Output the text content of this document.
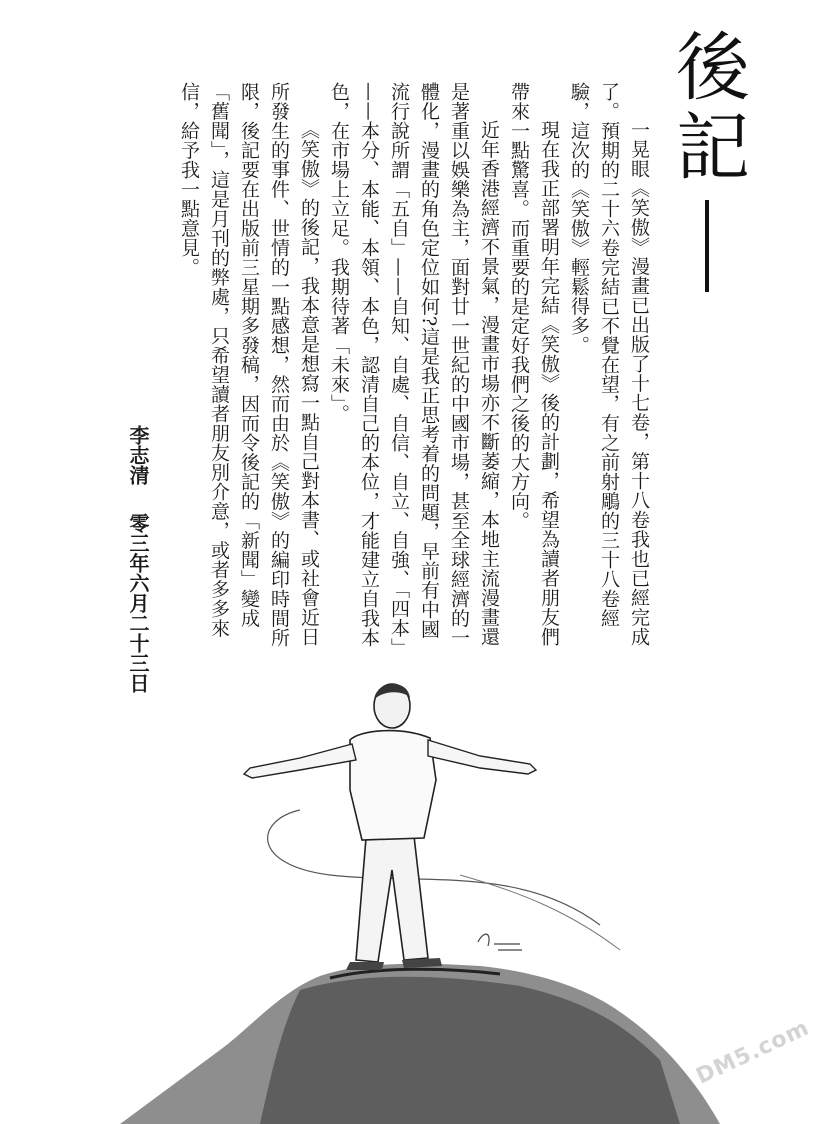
後記

一晃眼《笑傲》漫畫已出版了十七卷，第十八卷我也已經完成了。預期的二十六卷完結已不覺在望，有之前射鵰的三十八卷經驗，這次的《笑傲》輕鬆得多。

現在我正部署明年完結《笑傲》後的計劃，希望為讀者朋友們帶來一點驚喜。而重要的是定好我們之後的大方向。

近年香港經濟不景氣，漫畫市場亦不斷萎縮，本地主流漫畫還是著重以娛樂為主，面對廿一世紀的中國市場，甚至全球經濟的一體化，漫畫的角色定位如何?這是我正思考着的問題，早前有中國流行說所謂「五自」——自知、自處、自信、自立、自強、「四本」——本分、本能、本領、本色，認清自己的本位，才能建立自我本色，在市場上立足。我期待著「未來」。

《笑傲》的後記，我本意是想寫一點自己對本書、或社會近日所發生的事件、世情的一點感想，然而由於《笑傲》的編印時間所限，後記要在出版前三星期多發稿，因而令後記的「新聞」變成「舊聞」，這是月刊的弊處，只希望讀者朋友別介意，或者多多來信，給予我一點意見。

李志清零三年六月二十三日
DM5.com
